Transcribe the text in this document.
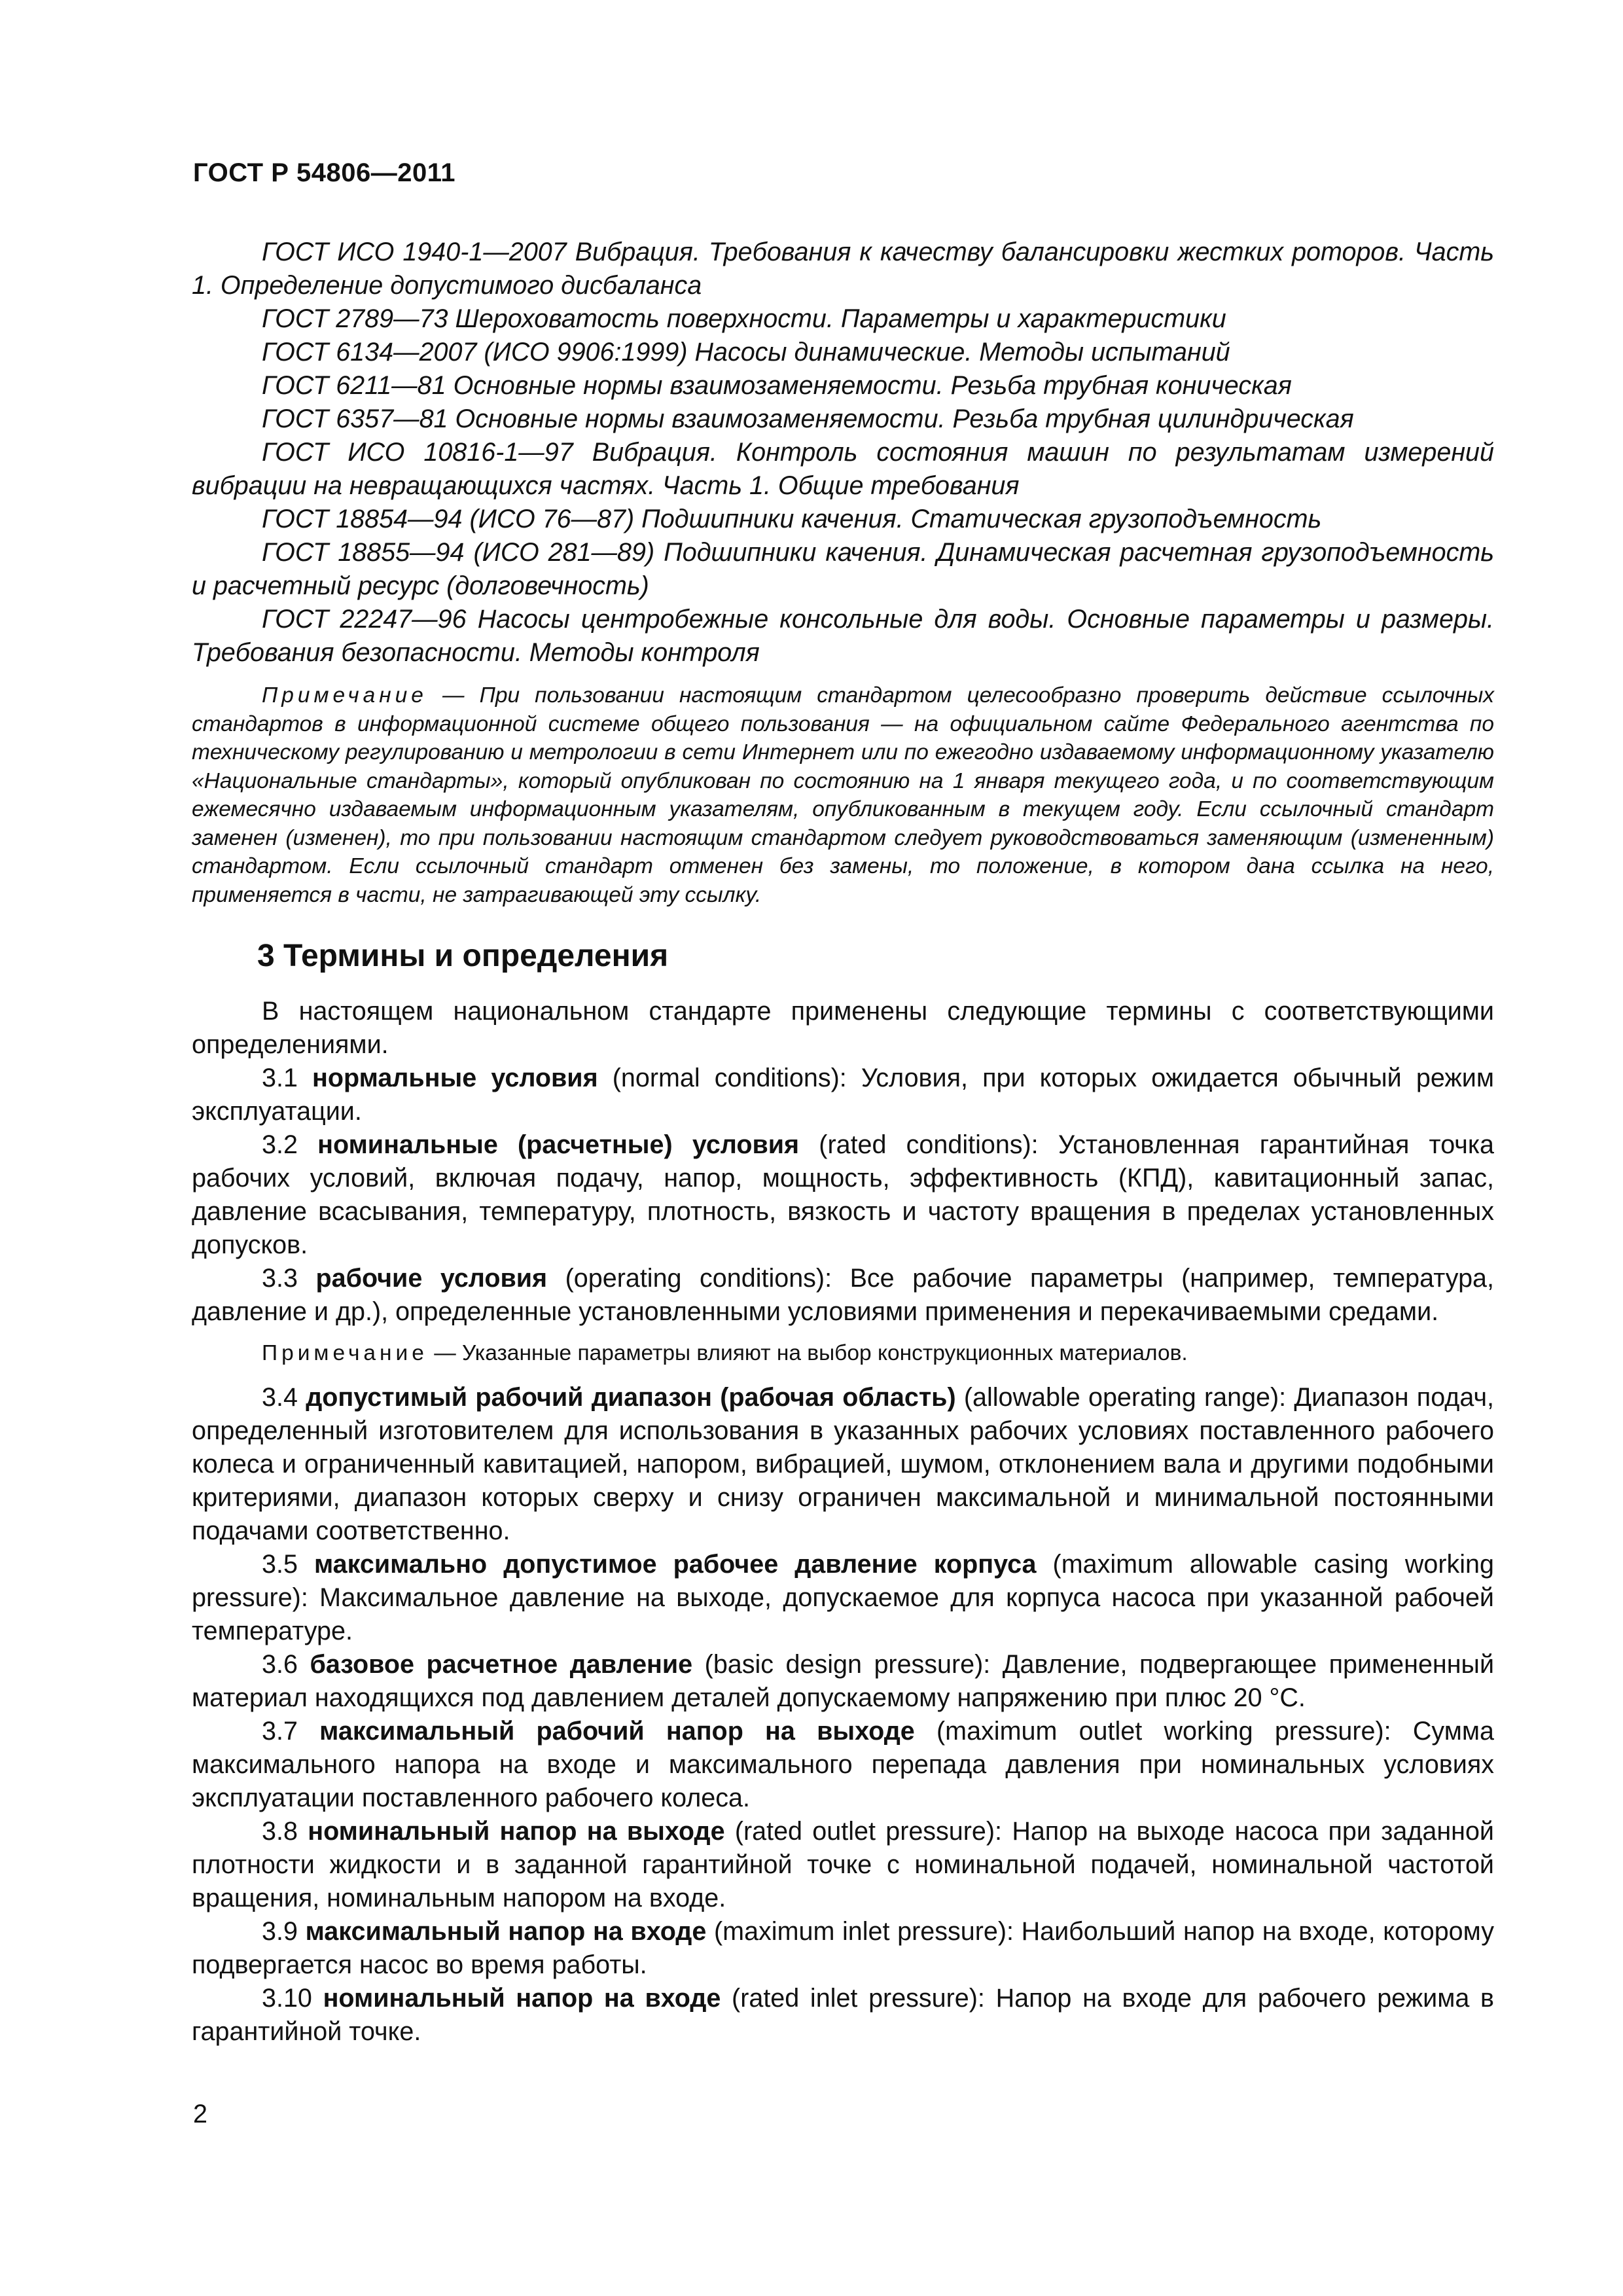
ГОСТ Р 54806—2011

ГОСТ ИСО 1940-1—2007 Вибрация. Требования к качеству балансировки жестких роторов. Часть 1. Определение допустимого дисбаланса

ГОСТ 2789—73 Шероховатость поверхности. Параметры и характеристики

ГОСТ 6134—2007 (ИСО 9906:1999) Насосы динамические. Методы испытаний

ГОСТ 6211—81 Основные нормы взаимозаменяемости. Резьба трубная коническая

ГОСТ 6357—81 Основные нормы взаимозаменяемости. Резьба трубная цилиндрическая

ГОСТ ИСО 10816-1—97 Вибрация. Контроль состояния машин по результатам измерений вибрации на невращающихся частях. Часть 1. Общие требования

ГОСТ 18854—94 (ИСО 76—87) Подшипники качения. Статическая грузоподъемность

ГОСТ 18855—94 (ИСО 281—89) Подшипники качения. Динамическая расчетная грузоподъемность и расчетный ресурс (долговечность)

ГОСТ 22247—96 Насосы центробежные консольные для воды. Основные параметры и размеры. Требования безопасности. Методы контроля

Примечание — При пользовании настоящим стандартом целесообразно проверить действие ссылочных стандартов в информационной системе общего пользования — на официальном сайте Федерального агентства по техническому регулированию и метрологии в сети Интернет или по ежегодно издаваемому информационному указателю «Национальные стандарты», который опубликован по состоянию на 1 января текущего года, и по соответствующим ежемесячно издаваемым информационным указателям, опубликованным в текущем году. Если ссылочный стандарт заменен (изменен), то при пользовании настоящим стандартом следует руководствоваться заменяющим (измененным) стандартом. Если ссылочный стандарт отменен без замены, то положение, в котором дана ссылка на него, применяется в части, не затрагивающей эту ссылку.

3 Термины и определения

В настоящем национальном стандарте применены следующие термины с соответствующими определениями.

3.1 нормальные условия (normal conditions): Условия, при которых ожидается обычный режим эксплуатации.

3.2 номинальные (расчетные) условия (rated conditions): Установленная гарантийная точка рабочих условий, включая подачу, напор, мощность, эффективность (КПД), кавитационный запас, давление всасывания, температуру, плотность, вязкость и частоту вращения в пределах установленных допусков.

3.3 рабочие условия (operating conditions): Все рабочие параметры (например, температура, давление и др.), определенные установленными условиями применения и перекачиваемыми средами.

Примечание — Указанные параметры влияют на выбор конструкционных материалов.

3.4 допустимый рабочий диапазон (рабочая область) (allowable operating range): Диапазон подач, определенный изготовителем для использования в указанных рабочих условиях поставленного рабочего колеса и ограниченный кавитацией, напором, вибрацией, шумом, отклонением вала и другими подобными критериями, диапазон которых сверху и снизу ограничен максимальной и минимальной постоянными подачами соответственно.

3.5 максимально допустимое рабочее давление корпуса (maximum allowable casing working pressure): Максимальное давление на выходе, допускаемое для корпуса насоса при указанной рабочей температуре.

3.6 базовое расчетное давление (basic design pressure): Давление, подвергающее примененный материал находящихся под давлением деталей допускаемому напряжению при плюс 20 °С.

3.7 максимальный рабочий напор на выходе (maximum outlet working pressure): Сумма максимального напора на входе и максимального перепада давления при номинальных условиях эксплуатации поставленного рабочего колеса.

3.8 номинальный напор на выходе (rated outlet pressure): Напор на выходе насоса при заданной плотности жидкости и в заданной гарантийной точке с номинальной подачей, номинальной частотой вращения, номинальным напором на входе.

3.9 максимальный напор на входе (maximum inlet pressure): Наибольший напор на входе, которому подвергается насос во время работы.

3.10 номинальный напор на входе (rated inlet pressure): Напор на входе для рабочего режима в гарантийной точке.

2
